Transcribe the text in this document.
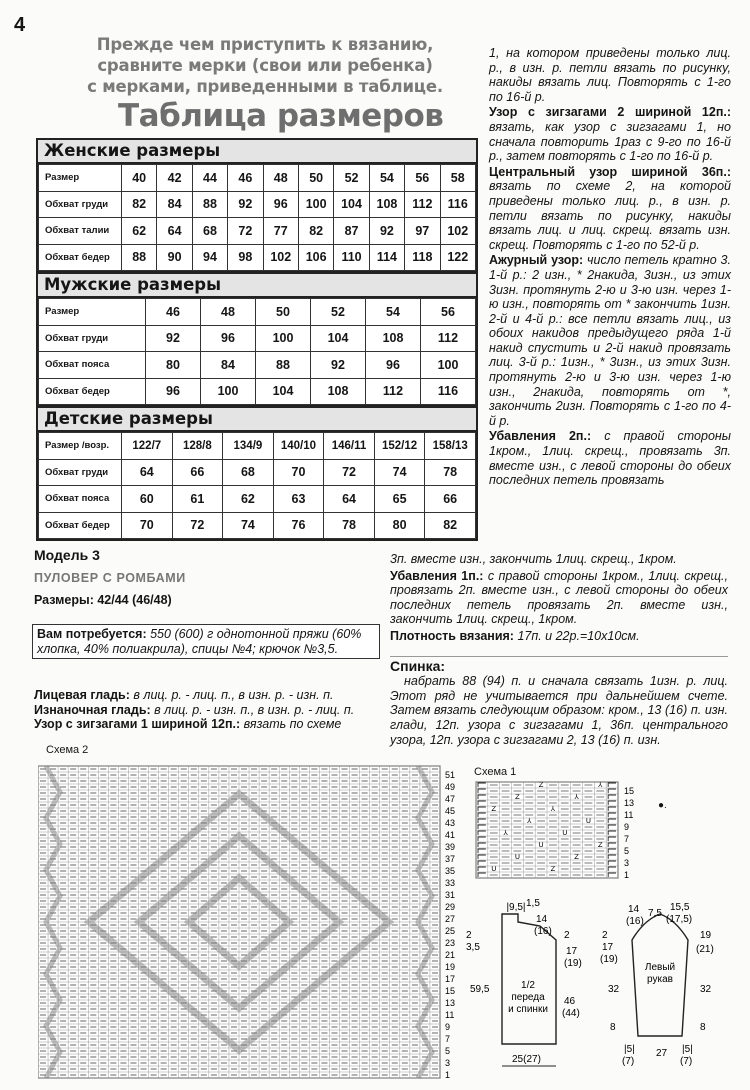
4
Прежде чем приступить к вязанию,
сравните мерки (свои или ребенка)
с мерками, приведенными в таблице.
Таблица размеров
Женские размеры
Размер	40	42	44	46	48	50	52	54	56	58
Обхват груди	82	84	88	92	96	100	104	108	112	116
Обхват талии	62	64	68	72	77	82	87	92	97	102
Обхват бедер	88	90	94	98	102	106	110	114	118	122
Мужские размеры
Размер	46	48	50	52	54	56
Обхват груди	92	96	100	104	108	112
Обхват пояса	80	84	88	92	96	100
Обхват бедер	96	100	104	108	112	116
Детские размеры
Размер /возр.	122/7	128/8	134/9	140/10	146/11	152/12	158/13
Обхват груди	64	66	68	70	72	74	78
Обхват пояса	60	61	62	63	64	65	66
Обхват бедер	70	72	74	76	78	80	82
1, на котором приведены только лиц. р., в изн. р. петли вязать по рисунку, накиды вязать лиц. Повторять с 1-го по 16-й р.
Узор с зигзагами 2 шириной 12п.: вязать, как узор с зигзагами 1, но сначала повторить 1раз с 9-го по 16-й р., затем повторять с 1-го по 16-й р.
Центральный узор шириной 36п.: вязать по схеме 2, на которой приведены только лиц. р., в изн. р. петли вязать по рисунку, накиды вязать лиц. и лиц. скрещ. вязать изн. скрещ. Повторять с 1-го по 52-й р.
Ажурный узор: число петель кратно 3. 1-й р.: 2 изн., * 2накида, 3изн., из этих 3изн. протянуть 2-ю и 3-ю изн. через 1-ю изн., повторять от * закончить 1изн. 2-й и 4-й р.: все петли вязать лиц., из обоих накидов предыдущего ряда 1-й накид спустить и 2-й накид провязать лиц. 3-й р.: 1изн., * 3изн., из этих 3изн. протянуть 2-ю и 3-ю изн. через 1-ю изн., 2накида, повторять от *, закончить 2изн. Повторять с 1-го по 4-й р.
Убавления 2п.: с правой стороны 1кром., 1лиц. скрещ., провязать 3п. вместе изн., с левой стороны до обеих последних петель провязать
3п. вместе изн., закончить 1лиц. скрещ., 1кром.
Убавления 1п.: с правой стороны 1кром., 1лиц. скрещ., провязать 2п. вместе изн., с левой стороны до обеих последних петель провязать 2п. вместе изн., закончить 1лиц. скрещ., 1кром.
Плотность вязания: 17п. и 22р.=10х10см.
Спинка:
набрать 88 (94) п. и сначала связать 1изн. р. лиц. Этот ряд не учитывается при дальнейшем счете. Затем вязать следующим образом: кром., 13 (16) п. изн. глади, 12п. узора с зигзагами 1, 36п. центрального узора, 12п. узора с зигзагами 2, 13 (16) п. изн.
Модель 3
ПУЛОВЕР С РОМБАМИ
Размеры: 42/44 (46/48)
Вам потребуется: 550 (600) г однотонной пряжи (60% хлопка, 40% полиакрила), спицы №4; крючок №3,5.
Лицевая гладь: в лиц. р. - лиц. п., в изн. р. - изн. п.
Изнаночная гладь: в лиц. р. - изн. п., в изн. р. - лиц. п.
Узор с зигзагами 1 шириной 12п.: вязать по схеме
Схема 2
51
49
47
45
43
41
39
37
35
33
31
29
27
25
23
21
19
17
15
13
11
9
7
5
3
1
Схема 1
Z	⅄
Z	⅄
Z	⅄
⅄	U
⅄	U
U	Z
U	Z
U	Z
15
13
11
9
7
5
3
1
●.
|9,5| 1,5
14
(16)
2
3,5
2
17
(19)
59,5
46
(44)
25(27)
1/2
переда
и спинки
14
(16)
7,5
15,5
(17,5)
2
17
(19)
19
(21)
32	32
8	8
|5|
(7)
27 |5|
(7)
Левый
рукав
